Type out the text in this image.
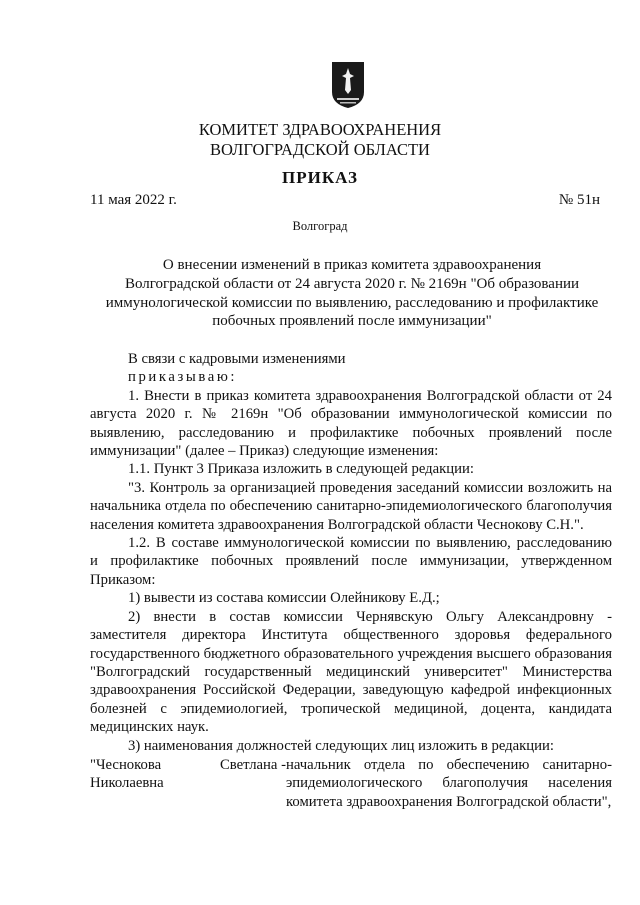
КОМИТЕТ ЗДРАВООХРАНЕНИЯ
ВОЛГОГРАДСКОЙ ОБЛАСТИ
ПРИКАЗ
11 мая 2022 г.	№ 51н
Волгоград
О внесении изменений в приказ комитета здравоохранения
Волгоградской области от 24 августа 2020 г. № 2169н "Об образовании
иммунологической комиссии по выявлению, расследованию и профилактике
побочных проявлений после иммунизации"

В связи с кадровыми изменениями

приказываю:

1. Внести в приказ комитета здравоохранения Волгоградской области от 24 августа 2020 г. № 2169н "Об образовании иммунологической комиссии по выявлению, расследованию и профилактике побочных проявлений после иммунизации" (далее – Приказ) следующие изменения:

1.1. Пункт 3 Приказа изложить в следующей редакции:

"3. Контроль за организацией проведения заседаний комиссии возложить на начальника отдела по обеспечению санитарно-эпидемиологического благополучия населения комитета здравоохранения Волгоградской области Чеснокову С.Н.".

1.2. В составе иммунологической комиссии по выявлению, расследованию и профилактике побочных проявлений после иммунизации, утвержденном Приказом:

1) вывести из состава комиссии Олейникову Е.Д.;

2) внести в состав комиссии Чернявскую Ольгу Александровну - заместителя директора Института общественного здоровья федерального государственного бюджетного образовательного учреждения высшего образования "Волгоградский государственный медицинский университет" Министерства здравоохранения Российской Федерации, заведующую кафедрой инфекционных болезней с эпидемиологией, тропической медициной, доцента, кандидата медицинских наук.

3) наименования должностей следующих лиц изложить в редакции:

"Чеснокова	Светлана -
Николаевна
начальник отдела по обеспечению санитарно-эпидемиологического благополучия населения комитета здравоохранения Волгоградской области",
